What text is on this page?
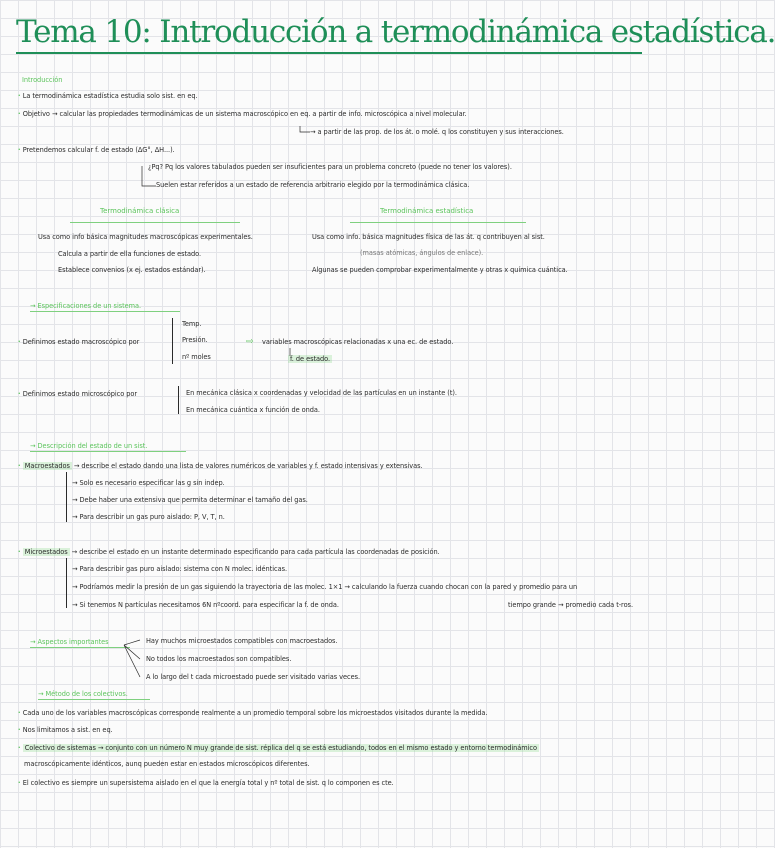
Tema 10: Introducción a termodinámica estadística.
Introducción
· La termodinámica estadística estudia solo sist. en eq.
· Objetivo → calcular las propiedades termodinámicas de un sistema macroscópico en eq. a partir de info. microscópica a nivel molecular.
→ a partir de las prop. de los át. o molé. q los constituyen y sus interacciones.
· Pretendemos calcular f. de estado (ΔG°, ΔH...).
¿Pq? Pq los valores tabulados pueden ser insuficientes para un problema concreto (puede no tener los valores).
Suelen estar referidos a un estado de referencia arbitrario elegido por la termodinámica clásica.
Termodinámica clásica	Termodinámica estadística
Usa como info básica magnitudes macroscópicas experimentales.
Calcula a partir de ella funciones de estado.
Establece convenios (x ej. estados estándar).
Usa como info. básica magnitudes física de las át. q contribuyen al sist.
(masas atómicas, ángulos de enlace).
Algunas se pueden comprobar experimentalmente y otras x química cuántica.
→ Especificaciones de un sistema.
· Definimos estado macroscópico por
Temp.
Presión.
nº moles
⇨ variables macroscópicas relacionadas x una ec. de estado.
f. de estado.
· Definimos estado microscópico por	En mecánica clásica x coordenadas y velocidad de las partículas en un instante (t).
En mecánica cuántica x función de onda.
→ Descripción del estado de un sist.
· Macroestados → describe el estado dando una lista de valores numéricos de variables y f. estado intensivas y extensivas.
→ Solo es necesario especificar las g sin indep.
→ Debe haber una extensiva que permita determinar el tamaño del gas.
→ Para describir un gas puro aislado: P, V, T, n.
· Microestados → describe el estado en un instante determinado especificando para cada partícula las coordenadas de posición.
→ Para describir gas puro aislado: sistema con N molec. idénticas.
→ Podríamos medir la presión de un gas siguiendo la trayectoria de las molec. 1×1 → calculando la fuerza cuando chocan con la pared y promedio para un
→ Si tenemos N partículas necesitamos 6N nºcoord. para especificar la f. de onda.	tiempo grande → promedio cada t-ros.
→ Aspectos importantes	Hay muchos microestados compatibles con macroestados.
No todos los macroestados son compatibles.
A lo largo del t cada microestado puede ser visitado varias veces.
→ Método de los colectivos.
· Cada uno de los variables macroscópicas corresponde realmente a un promedio temporal sobre los microestados visitados durante la medida.
· Nos limitamos a sist. en eq.
· Colectivo de sistemas → conjunto con un número N muy grande de sist. réplica del q se está estudiando, todos en el mismo estado y entorno termodinámico
macroscópicamente idénticos, aunq pueden estar en estados microscópicos diferentes.
· El colectivo es siempre un supersistema aislado en el que la energía total y nº total de sist. q lo componen es cte.
